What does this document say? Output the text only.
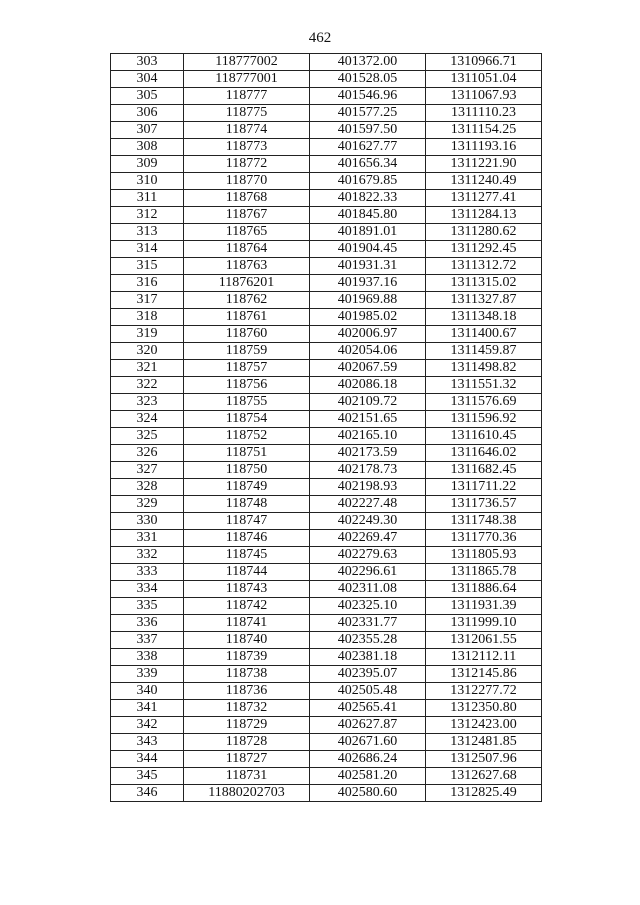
462
303	118777002	401372.00	1310966.71
304	118777001	401528.05	1311051.04
305	118777	401546.96	1311067.93
306	118775	401577.25	1311110.23
307	118774	401597.50	1311154.25
308	118773	401627.77	1311193.16
309	118772	401656.34	1311221.90
310	118770	401679.85	1311240.49
311	118768	401822.33	1311277.41
312	118767	401845.80	1311284.13
313	118765	401891.01	1311280.62
314	118764	401904.45	1311292.45
315	118763	401931.31	1311312.72
316	11876201	401937.16	1311315.02
317	118762	401969.88	1311327.87
318	118761	401985.02	1311348.18
319	118760	402006.97	1311400.67
320	118759	402054.06	1311459.87
321	118757	402067.59	1311498.82
322	118756	402086.18	1311551.32
323	118755	402109.72	1311576.69
324	118754	402151.65	1311596.92
325	118752	402165.10	1311610.45
326	118751	402173.59	1311646.02
327	118750	402178.73	1311682.45
328	118749	402198.93	1311711.22
329	118748	402227.48	1311736.57
330	118747	402249.30	1311748.38
331	118746	402269.47	1311770.36
332	118745	402279.63	1311805.93
333	118744	402296.61	1311865.78
334	118743	402311.08	1311886.64
335	118742	402325.10	1311931.39
336	118741	402331.77	1311999.10
337	118740	402355.28	1312061.55
338	118739	402381.18	1312112.11
339	118738	402395.07	1312145.86
340	118736	402505.48	1312277.72
341	118732	402565.41	1312350.80
342	118729	402627.87	1312423.00
343	118728	402671.60	1312481.85
344	118727	402686.24	1312507.96
345	118731	402581.20	1312627.68
346	11880202703	402580.60	1312825.49
